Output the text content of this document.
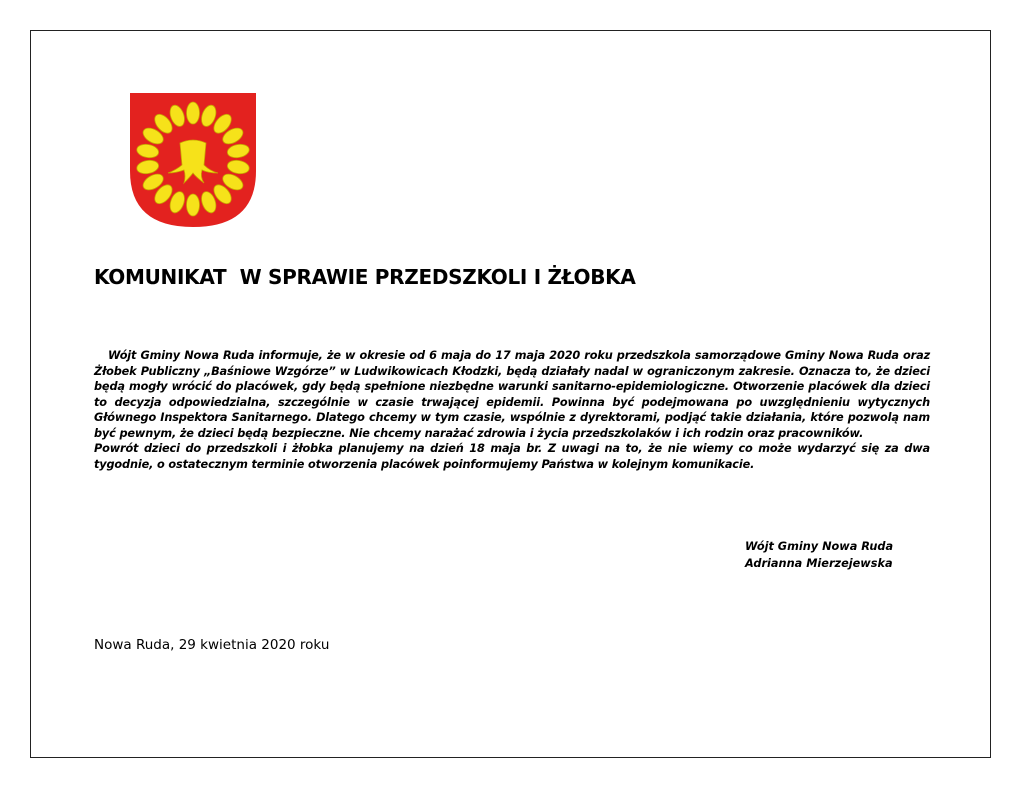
KOMUNIKAT  W SPRAWIE PRZEDSZKOLI I ŻŁOBKA

Wójt Gminy Nowa Ruda informuje, że w okresie od 6 maja do 17 maja 2020 roku przedszkola samorządowe Gminy Nowa Ruda oraz Żłobek Publiczny „Baśniowe Wzgórze” w Ludwikowicach Kłodzki, będą działały nadal w ograniczonym zakresie. Oznacza to, że dzieci będą mogły wrócić do placówek, gdy będą spełnione niezbędne warunki sanitarno-epidemiologiczne. Otworzenie placówek dla dzieci to decyzja odpowiedzialna, szczególnie w czasie trwającej epidemii. Powinna być podejmowana po uwzględnieniu wytycznych Głównego Inspektora Sanitarnego. Dlatego chcemy w tym czasie, wspólnie z dyrektorami, podjąć takie działania, które pozwolą nam być pewnym, że dzieci będą bezpieczne. Nie chcemy narażać zdrowia i życia przedszkolaków i ich rodzin oraz pracowników.

Powrót dzieci do przedszkoli i żłobka planujemy na dzień 18 maja br. Z uwagi na to, że nie wiemy co może wydarzyć się za dwa tygodnie, o ostatecznym terminie otworzenia placówek poinformujemy Państwa w kolejnym komunikacie.

Wójt Gminy Nowa Ruda
Adrianna Mierzejewska
Nowa Ruda, 29 kwietnia 2020 roku
